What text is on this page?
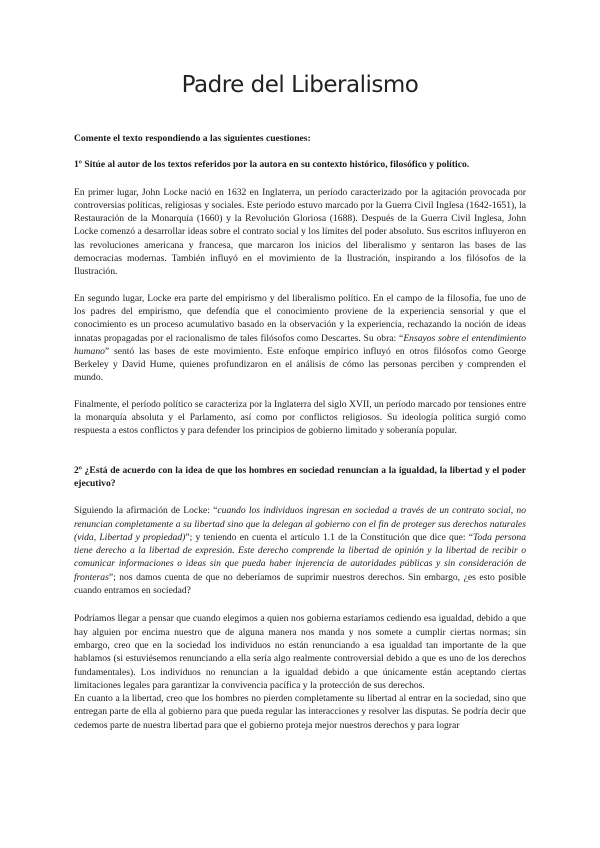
Padre del Liberalismo

Comente el texto respondiendo a las siguientes cuestiones:

1º Sitúe al autor de los textos referidos por la autora en su contexto histórico, filosófico y político.

En primer lugar, John Locke nació en 1632 en Inglaterra, un período caracterizado por la agitación provocada por controversias políticas, religiosas y sociales. Este período estuvo marcado por la Guerra Civil Inglesa (1642-1651), la Restauración de la Monarquía (1660) y la Revolución Gloriosa (1688). Después de la Guerra Civil Inglesa, John Locke comenzó a desarrollar ideas sobre el contrato social y los límites del poder absoluto. Sus escritos influyeron en las revoluciones americana y francesa, que marcaron los inicios del liberalismo y sentaron las bases de las democracias modernas. También influyó en el movimiento de la Ilustración, inspirando a los filósofos de la Ilustración.

En segundo lugar, Locke era parte del empirismo y del liberalismo político. En el campo de la filosofía, fue uno de los padres del empirismo, que defendía que el conocimiento proviene de la experiencia sensorial y que el conocimiento es un proceso acumulativo basado en la observación y la experiencia, rechazando la noción de ideas innatas propagadas por el racionalismo de tales filósofos como Descartes. Su obra: “Ensayos sobre el entendimiento humano” sentó las bases de este movimiento. Este enfoque empírico influyó en otros filósofos como George Berkeley y David Hume, quienes profundizaron en el análisis de cómo las personas perciben y comprenden el mundo.

Finalmente, el período político se caracteriza por la Inglaterra del siglo XVII, un período marcado por tensiones entre la monarquía absoluta y el Parlamento, así como por conflictos religiosos. Su ideología política surgió como respuesta a estos conflictos y para defender los principios de gobierno limitado y soberanía popular.

2º ¿Está de acuerdo con la idea de que los hombres en sociedad renuncian a la igualdad, la libertad y el poder ejecutivo?

Siguiendo la afirmación de Locke: “cuando los individuos ingresan en sociedad a través de un contrato social, no renuncian completamente a su libertad sino que la delegan al gobierno con el fin de proteger sus derechos naturales (vida, Libertad y propiedad)”; y teniendo en cuenta el artículo 1.1 de la Constitución que dice que: “Toda persona tiene derecho a la libertad de expresión. Este derecho comprende la libertad de opinión y la libertad de recibir o comunicar informaciones o ideas sin que pueda haber injerencia de autoridades públicas y sin consideración de fronteras”; nos damos cuenta de que no deberíamos de suprimir nuestros derechos. Sin embargo, ¿es esto posible cuando entramos en sociedad?

Podríamos llegar a pensar que cuando elegimos a quien nos gobierna estaríamos cediendo esa igualdad, debido a que hay alguien por encima nuestro que de alguna manera nos manda y nos somete a cumplir ciertas normas; sin embargo, creo que en la sociedad los individuos no están renunciando a esa igualdad tan importante de la que hablamos (si estuviésemos renunciando a ella sería algo realmente controversial debido a que es uno de los derechos fundamentales). Los individuos no renuncian a la igualdad debido a que únicamente están aceptando ciertas limitaciones legales para garantizar la convivencia pacífica y la protección de sus derechos.

En cuanto a la libertad, creo que los hombres no pierden completamente su libertad al entrar en la sociedad, sino que entregan parte de ella al gobierno para que pueda regular las interacciones y resolver las disputas. Se podría decir que cedemos parte de nuestra libertad para que el gobierno proteja mejor nuestros derechos y para lograr
